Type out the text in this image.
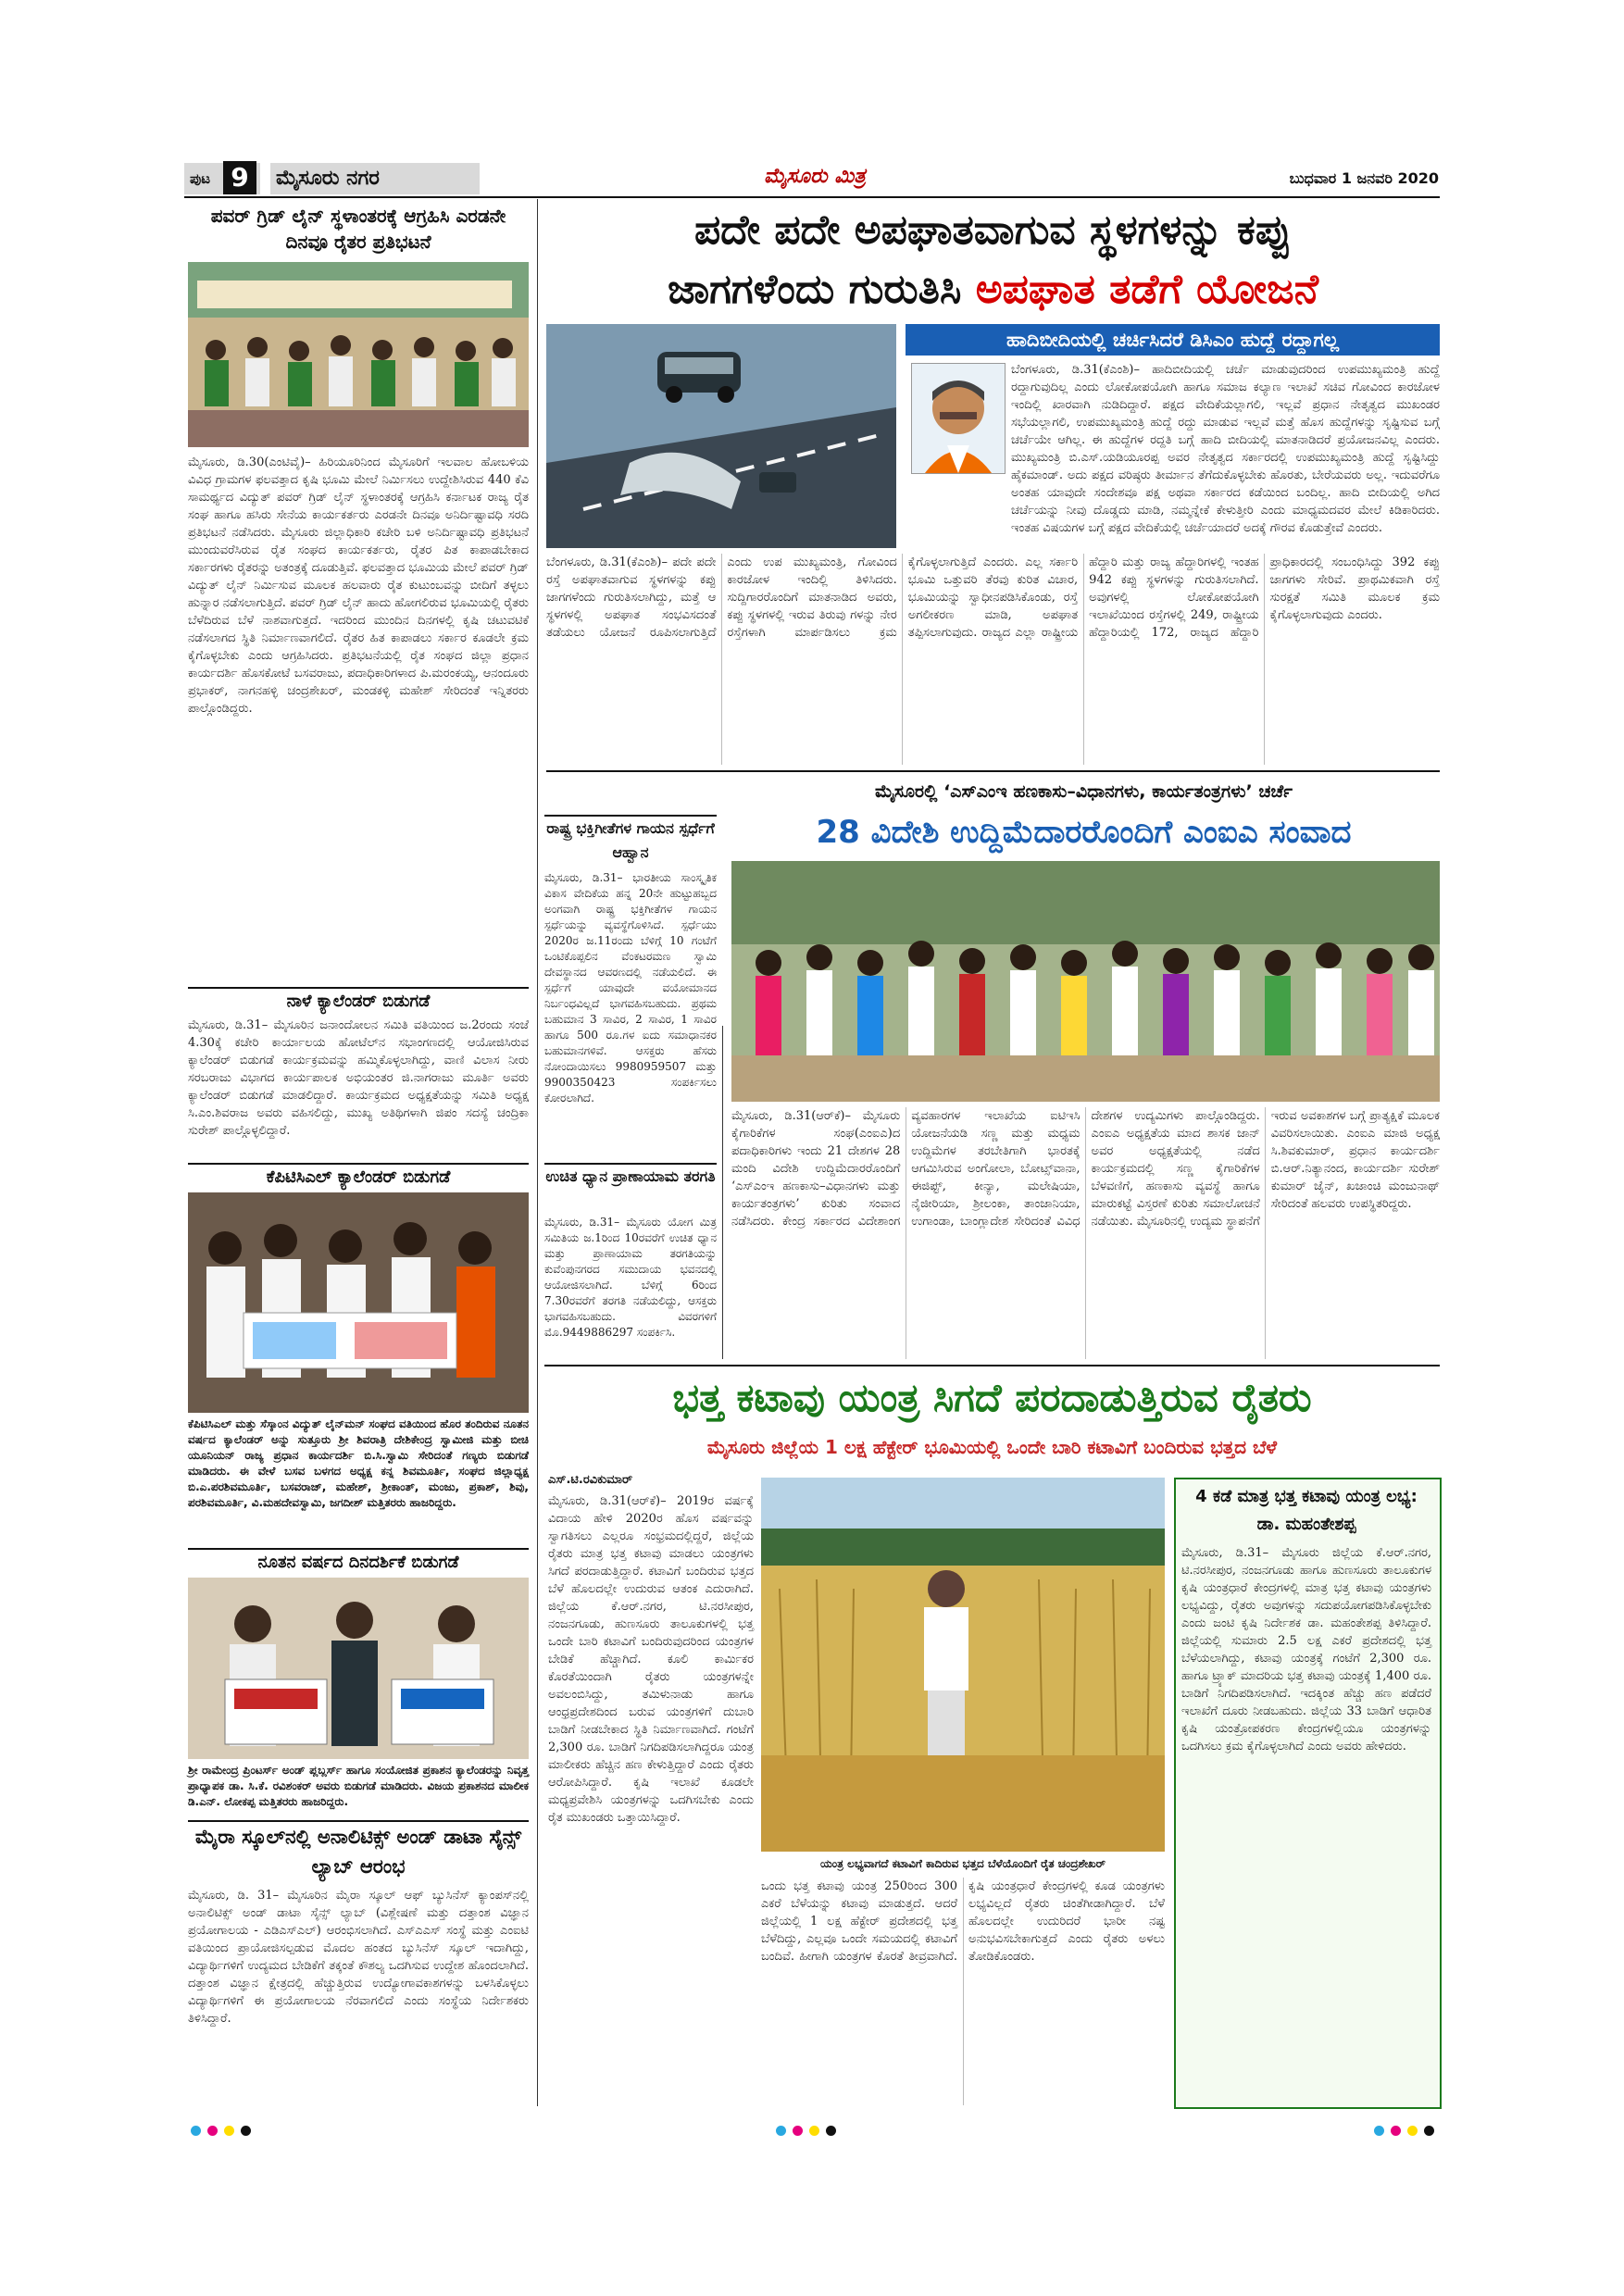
ಪುಟ 9	ಮೈಸೂರು ನಗರ	ಮೈಸೂರು ಮಿತ್ರ	ಬುಧವಾರ 1 ಜನವರಿ 2020
ಪವರ್ ಗ್ರಿಡ್ ಲೈನ್ ಸ್ಥಳಾಂತರಕ್ಕೆ ಆಗ್ರಹಿಸಿ ಎರಡನೇ ದಿನವೂ ರೈತರ ಪ್ರತಿಭಟನೆ
ಮೈಸೂರು, ಡಿ.30(ಎಂಟಿವೈ)– ಹಿರಿಯೂರಿನಿಂದ ಮೈಸೂರಿಗೆ ಇಲವಾಲ ಹೋಬಳಿಯ ವಿವಿಧ ಗ್ರಾಮಗಳ ಫಲವತ್ತಾದ ಕೃಷಿ ಭೂಮಿ ಮೇಲೆ ನಿರ್ಮಿಸಲು ಉದ್ದೇಶಿಸಿರುವ 440 ಕೆವಿ ಸಾಮರ್ಥ್ಯದ ವಿದ್ಯುತ್ ಪವರ್ ಗ್ರಿಡ್ ಲೈನ್ ಸ್ಥಳಾಂತರಕ್ಕೆ ಆಗ್ರಹಿಸಿ ಕರ್ನಾಟಕ ರಾಜ್ಯ ರೈತ ಸಂಘ ಹಾಗೂ ಹಸಿರು ಸೇನೆಯ ಕಾರ್ಯಕರ್ತರು ಎರಡನೇ ದಿನವೂ ಅನಿರ್ದಿಷ್ಟಾವಧಿ ಸರದಿ ಪ್ರತಿಭಟನೆ ನಡೆಸಿದರು. ಮೈಸೂರು ಜಿಲ್ಲಾಧಿಕಾರಿ ಕಚೇರಿ ಬಳಿ ಅನಿರ್ದಿಷ್ಟಾವಧಿ ಪ್ರತಿಭಟನೆ ಮುಂದುವರೆಸಿರುವ ರೈತ ಸಂಘದ ಕಾರ್ಯಕರ್ತರು, ರೈತರ ಪಿತ ಕಾಪಾಡಬೇಕಾದ ಸರ್ಕಾರಗಳು ರೈತರನ್ನು ಅತಂತ್ರಕ್ಕೆ ದೂಡುತ್ತಿವೆ. ಫಲವತ್ತಾದ ಭೂಮಿಯ ಮೇಲೆ ಪವರ್ ಗ್ರಿಡ್ ವಿದ್ಯುತ್ ಲೈನ್ ನಿರ್ಮಿಸುವ ಮೂಲಕ ಹಲವಾರು ರೈತ ಕುಟುಂಬವನ್ನು ಬೀದಿಗೆ ತಳ್ಳಲು ಹುನ್ನಾರ ನಡೆಸಲಾಗುತ್ತಿದೆ. ಪವರ್ ಗ್ರಿಡ್ ಲೈನ್ ಹಾದು ಹೋಗಲಿರುವ ಭೂಮಿಯಲ್ಲಿ ರೈತರು ಬೆಳೆದಿರುವ ಬೆಳೆ ನಾಶವಾಗುತ್ತದೆ. ಇದರಿಂದ ಮುಂದಿನ ದಿನಗಳಲ್ಲಿ ಕೃಷಿ ಚಟುವಟಿಕೆ ನಡೆಸಲಾಗದ ಸ್ಥಿತಿ ನಿರ್ಮಾಣವಾಗಲಿದೆ. ರೈತರ ಹಿತ ಕಾಪಾಡಲು ಸರ್ಕಾರ ಕೂಡಲೇ ಕ್ರಮ ಕೈಗೊಳ್ಳಬೇಕು ಎಂದು ಆಗ್ರಹಿಸಿದರು. ಪ್ರತಿಭಟನೆಯಲ್ಲಿ ರೈತ ಸಂಘದ ಜಿಲ್ಲಾ ಪ್ರಧಾನ ಕಾರ್ಯದರ್ಶಿ ಹೊಸಕೋಟೆ ಬಸವರಾಜು, ಪದಾಧಿಕಾರಿಗಳಾದ ಪಿ.ಮರಂಕಯ್ಯ, ಆನಂದೂರು ಪ್ರಭಾಕರ್, ನಾಗನಹಳ್ಳಿ ಚಂದ್ರಶೇಖರ್, ಮಂಡಕಳ್ಳಿ ಮಹೇಶ್ ಸೇರಿದಂತೆ ಇನ್ನಿತರರು ಪಾಲ್ಗೊಂಡಿದ್ದರು.
ನಾಳೆ ಕ್ಯಾಲೆಂಡರ್ ಬಿಡುಗಡೆ
ಮೈಸೂರು, ಡಿ.31– ಮೈಸೂರಿನ ಜನಾಂದೋಲನ ಸಮಿತಿ ವತಿಯಿಂದ ಜ.2ರಂದು ಸಂಜೆ 4.30ಕ್ಕೆ ಕಚೇರಿ ಕಾರ್ಯಾಲಯ ಹೋಟೆಲ್‌ನ ಸಭಾಂಗಣದಲ್ಲಿ ಆಯೋಜಿಸಿರುವ ಕ್ಯಾಲೆಂಡರ್ ಬಿಡುಗಡೆ ಕಾರ್ಯಕ್ರಮವನ್ನು ಹಮ್ಮಿಕೊಳ್ಳಲಾಗಿದ್ದು, ವಾಣಿ ವಿಲಾಸ ನೀರು ಸರಬರಾಜು ವಿಭಾಗದ ಕಾರ್ಯಪಾಲಕ ಅಭಿಯಂತರ ಜಿ.ನಾಗರಾಜು ಮೂರ್ತಿ ಅವರು ಕ್ಯಾಲೆಂಡರ್ ಬಿಡುಗಡೆ ಮಾಡಲಿದ್ದಾರೆ. ಕಾರ್ಯಕ್ರಮದ ಅಧ್ಯಕ್ಷತೆಯನ್ನು ಸಮಿತಿ ಅಧ್ಯಕ್ಷ ಸಿ.ಎಂ.ಶಿವರಾಜ ಅವರು ವಹಿಸಲಿದ್ದು, ಮುಖ್ಯ ಅತಿಥಿಗಳಾಗಿ ಜಿಪಂ ಸದಸ್ಯೆ ಚಂದ್ರಿಕಾ ಸುರೇಶ್ ಪಾಲ್ಗೊಳ್ಳಲಿದ್ದಾರೆ.
ಕೆಪಿಟಿಸಿಎಲ್ ಕ್ಯಾಲೆಂಡರ್ ಬಿಡುಗಡೆ
ಕೆಪಿಟಿಸಿಎಲ್ ಮತ್ತು ಸೆಸ್ಕಾಂನ ವಿದ್ಯುತ್ ಲೈನ್‌ಮನ್ ಸಂಘದ ವತಿಯಿಂದ ಹೊರ ತಂದಿರುವ ನೂತನ ವರ್ಷದ ಕ್ಯಾಲೆಂಡರ್ ಅನ್ನು ಸುತ್ತೂರು ಶ್ರೀ ಶಿವರಾತ್ರಿ ದೇಶಿಕೇಂದ್ರ ಸ್ವಾಮೀಜಿ ಮತ್ತು ಬೀಚಿ ಯೂನಿಯನ್ ರಾಜ್ಯ ಪ್ರಧಾನ ಕಾರ್ಯದರ್ಶಿ ಬಿ.ಸಿ.ಸ್ವಾಮಿ ಸೇರಿದಂತೆ ಗಣ್ಯರು ಬಿಡುಗಡೆ ಮಾಡಿದರು. ಈ ವೇಳೆ ಬಸವ ಬಳಗದ ಅಧ್ಯಕ್ಷ ಕನ್ನ ಶಿವಮೂರ್ತಿ, ಸಂಘದ ಜಿಲ್ಲಾಧ್ಯಕ್ಷ ಬಿ.ಎ.ಪರಶಿವಮೂರ್ತಿ, ಬಸವರಾಜ್, ಮಹೇಶ್, ಶ್ರೀಕಾಂತ್, ಮಂಜು, ಪ್ರಕಾಶ್, ಶಿವು, ಪರಶಿವಮೂರ್ತಿ, ವಿ.ಮಹದೇವಸ್ವಾಮಿ, ಜಗದೀಶ್ ಮತ್ತಿತರರು ಹಾಜರಿದ್ದರು.
ನೂತನ ವರ್ಷದ ದಿನದರ್ಶಿಕೆ ಬಿಡುಗಡೆ
ಶ್ರೀ ರಾಮೇಂದ್ರ ಪ್ರಿಂಟರ್ಸ್ ಅಂಡ್ ಪ್ಲಬ್ಲರ್ಸ್ ಹಾಗೂ ಸಂಯೋಜಿತ ಪ್ರಕಾಶನ ಕ್ಯಾಲೆಂಡರನ್ನು ನಿವೃತ್ತ ಪ್ರಾಧ್ಯಾಪಕ ಡಾ. ಸಿ.ಕೆ. ರವಿಶಂಕರ್ ಅವರು ಬಿಡುಗಡೆ ಮಾಡಿದರು. ವಿಜಯ ಪ್ರಕಾಶನದ ಮಾಲೀಕ ಡಿ.ಎನ್. ಲೋಕಪ್ಪ ಮತ್ತಿತರರು ಹಾಜರಿದ್ದರು.
ಮೈರಾ ಸ್ಕೂಲ್‌ನಲ್ಲಿ ಅನಾಲಿಟಿಕ್ಸ್ ಅಂಡ್ ಡಾಟಾ ಸೈನ್ಸ್ ಲ್ಯಾಬ್ ಆರಂಭ
ಮೈಸೂರು, ಡಿ. 31– ಮೈಸೂರಿನ ಮೈರಾ ಸ್ಕೂಲ್ ಆಫ್ ಬ್ಯುಸಿನೆಸ್ ಕ್ಯಾಂಪಸ್‌ನಲ್ಲಿ ಅನಾಲಿಟಿಕ್ಸ್ ಅಂಡ್ ಡಾಟಾ ಸೈನ್ಸ್ ಲ್ಯಾಬ್ (ವಿಶ್ಲೇಷಣೆ ಮತ್ತು ದತ್ತಾಂಶ ವಿಜ್ಞಾನ ಪ್ರಯೋಗಾಲಯ - ಎಡಿಎಸ್‌ಎಲ್) ಆರಂಭಿಸಲಾಗಿದೆ. ಎಸ್‌ಎಎಸ್ ಸಂಸ್ಥೆ ಮತ್ತು ಎಂಐಟಿ ವತಿಯಿಂದ ಪ್ರಾಯೋಜಿಸಲ್ಪಡುವ ಮೊದಲ ಹಂತದ ಬ್ಯುಸಿನೆಸ್ ಸ್ಕೂಲ್ ಇದಾಗಿದ್ದು, ವಿದ್ಯಾರ್ಥಿಗಳಿಗೆ ಉದ್ಯಮದ ಬೇಡಿಕೆಗೆ ತಕ್ಕಂತೆ ಕೌಶಲ್ಯ ಒದಗಿಸುವ ಉದ್ದೇಶ ಹೊಂದಲಾಗಿದೆ. ದತ್ತಾಂಶ ವಿಜ್ಞಾನ ಕ್ಷೇತ್ರದಲ್ಲಿ ಹೆಚ್ಚುತ್ತಿರುವ ಉದ್ಯೋಗಾವಕಾಶಗಳನ್ನು ಬಳಸಿಕೊಳ್ಳಲು ವಿದ್ಯಾರ್ಥಿಗಳಿಗೆ ಈ ಪ್ರಯೋಗಾಲಯ ನೆರವಾಗಲಿದೆ ಎಂದು ಸಂಸ್ಥೆಯ ನಿರ್ದೇಶಕರು ತಿಳಿಸಿದ್ದಾರೆ.
ಪದೇ ಪದೇ ಅಪಘಾತವಾಗುವ ಸ್ಥಳಗಳನ್ನು ಕಪ್ಪು
ಜಾಗಗಳೆಂದು ಗುರುತಿಸಿ ಅಪಘಾತ ತಡೆಗೆ ಯೋಜನೆ
ಹಾದಿಬೀದಿಯಲ್ಲಿ ಚರ್ಚಿಸಿದರೆ ಡಿಸಿಎಂ ಹುದ್ದೆ ರದ್ದಾಗಲ್ಲ
ಬೆಂಗಳೂರು, ಡಿ.31(ಕೆಎಂಶಿ)– ಹಾದಿಬೀದಿಯಲ್ಲಿ ಚರ್ಚೆ ಮಾಡುವುದರಿಂದ ಉಪಮುಖ್ಯಮಂತ್ರಿ ಹುದ್ದೆ ರದ್ದಾಗುವುದಿಲ್ಲ ಎಂದು ಲೋಕೋಪಯೋಗಿ ಹಾಗೂ ಸಮಾಜ ಕಲ್ಯಾಣ ಇಲಾಖೆ ಸಚಿವ ಗೋವಿಂದ ಕಾರಜೋಳ ಇಂದಿಲ್ಲಿ ಖಾರವಾಗಿ ನುಡಿದಿದ್ದಾರೆ. ಪಕ್ಷದ ವೇದಿಕೆಯಲ್ಲಾಗಲಿ, ಇಲ್ಲವೆ ಪ್ರಧಾನ ನೇತೃತ್ವದ ಮುಖಂಡರ ಸಭೆಯಲ್ಲಾಗಲಿ, ಉಪಮುಖ್ಯಮಂತ್ರಿ ಹುದ್ದೆ ರದ್ದು ಮಾಡುವ ಇಲ್ಲವೆ ಮತ್ತೆ ಹೊಸ ಹುದ್ದೆಗಳನ್ನು ಸೃಷ್ಟಿಸುವ ಬಗ್ಗೆ ಚರ್ಚೆಯೇ ಆಗಿಲ್ಲ. ಈ ಹುದ್ದೆಗಳ ರದ್ದತಿ ಬಗ್ಗೆ ಹಾದಿ ಬೀದಿಯಲ್ಲಿ ಮಾತನಾಡಿದರೆ ಪ್ರಯೋಜನವಿಲ್ಲ ಎಂದರು. ಮುಖ್ಯಮಂತ್ರಿ ಬಿ.ಎಸ್.ಯಡಿಯೂರಪ್ಪ ಅವರ ನೇತೃತ್ವದ ಸರ್ಕಾರದಲ್ಲಿ ಉಪಮುಖ್ಯಮಂತ್ರಿ ಹುದ್ದೆ ಸೃಷ್ಟಿಸಿದ್ದು ಹೈಕಮಾಂಡ್. ಅದು ಪಕ್ಷದ ವರಿಷ್ಠರು ತೀರ್ಮಾನ ತೆಗೆದುಕೊಳ್ಳಬೇಕು ಹೊರತು, ಬೇರೆಯವರು ಅಲ್ಲ. ಇದುವರೆಗೂ ಅಂತಹ ಯಾವುದೇ ಸಂದೇಶವೂ ಪಕ್ಷ ಅಥವಾ ಸರ್ಕಾರದ ಕಡೆಯಿಂದ ಬಂದಿಲ್ಲ. ಹಾದಿ ಬೀದಿಯಲ್ಲಿ ಅಗಿದ ಚರ್ಚೆಯನ್ನು ನೀವು ದೊಡ್ಡದು ಮಾಡಿ, ನಮ್ಮನ್ನೇಕೆ ಕೇಳುತ್ತೀರಿ ಎಂದು ಮಾಧ್ಯಮದವರ ಮೇಲೆ ಕಿಡಿಕಾರಿದರು. ಇಂತಹ ವಿಷಯಗಳ ಬಗ್ಗೆ ಪಕ್ಷದ ವೇದಿಕೆಯಲ್ಲಿ ಚರ್ಚೆಯಾದರೆ ಅದಕ್ಕೆ ಗೌರವ ಕೊಡುತ್ತೇವೆ ಎಂದರು.
ಬೆಂಗಳೂರು, ಡಿ.31(ಕೆಎಂಶಿ)– ಪದೇ ಪದೇ ರಸ್ತೆ ಅಪಘಾತವಾಗುವ ಸ್ಥಳಗಳನ್ನು ಕಪ್ಪು ಜಾಗಗಳೆಂದು ಗುರುತಿಸಲಾಗಿದ್ದು, ಮತ್ತೆ ಆ ಸ್ಥಳಗಳಲ್ಲಿ ಅಪಘಾತ ಸಂಭವಿಸದಂತೆ ತಡೆಯಲು ಯೋಜನೆ ರೂಪಿಸಲಾಗುತ್ತಿದೆ ಎಂದು ಉಪ ಮುಖ್ಯಮಂತ್ರಿ, ಗೋವಿಂದ ಕಾರಜೋಳ ಇಂದಿಲ್ಲಿ ತಿಳಿಸಿದರು. ಸುದ್ದಿಗಾರರೊಂದಿಗೆ ಮಾತನಾಡಿದ ಅವರು, ಕಪ್ಪು ಸ್ಥಳಗಳಲ್ಲಿ ಇರುವ ತಿರುವು ಗಳನ್ನು ನೇರ ರಸ್ತೆಗಳಾಗಿ ಮಾರ್ಪಡಿಸಲು ಕ್ರಮ ಕೈಗೊಳ್ಳಲಾಗುತ್ತಿದೆ ಎಂದರು. ಎಲ್ಲ ಸರ್ಕಾರಿ ಭೂಮಿ ಒತ್ತುವರಿ ತೆರವು ಕುರಿತ ವಿಚಾರ, ಭೂಮಿಯನ್ನು ಸ್ವಾಧೀನಪಡಿಸಿಕೊಂಡು, ರಸ್ತೆ ಅಗಲೀಕರಣ ಮಾಡಿ, ಅಪಘಾತ ತಪ್ಪಿಸಲಾಗುವುದು. ರಾಜ್ಯದ ಎಲ್ಲಾ ರಾಷ್ಟ್ರೀಯ ಹೆದ್ದಾರಿ ಮತ್ತು ರಾಜ್ಯ ಹೆದ್ದಾರಿಗಳಲ್ಲಿ ಇಂತಹ 942 ಕಪ್ಪು ಸ್ಥಳಗಳನ್ನು ಗುರುತಿಸಲಾಗಿದೆ. ಅವುಗಳಲ್ಲಿ ಲೋಕೋಪಯೋಗಿ ಇಲಾಖೆಯಿಂದ ರಸ್ತೆಗಳಲ್ಲಿ 249, ರಾಷ್ಟ್ರೀಯ ಹೆದ್ದಾರಿಯಲ್ಲಿ 172, ರಾಜ್ಯದ ಹೆದ್ದಾರಿ ಪ್ರಾಧಿಕಾರದಲ್ಲಿ ಸಂಬಂಧಿಸಿದ್ದು 392 ಕಪ್ಪು ಜಾಗಗಳು ಸೇರಿವೆ. ಪ್ರಾಥಮಿಕವಾಗಿ ರಸ್ತೆ ಸುರಕ್ಷತೆ ಸಮಿತಿ ಮೂಲಕ ಕ್ರಮ ಕೈಗೊಳ್ಳಲಾಗುವುದು ಎಂದರು.
ರಾಷ್ಟ್ರ ಭಕ್ತಿಗೀತೆಗಳ ಗಾಯನ ಸ್ಪರ್ಧೆಗೆ ಆಹ್ವಾನ
ಮೈಸೂರು, ಡಿ.31– ಭಾರತೀಯ ಸಾಂಸ್ಕೃತಿಕ ವಿಕಾಸ ವೇದಿಕೆಯ ಹನ್ನ 20ನೇ ಹುಟ್ಟುಹಬ್ಬದ ಅಂಗವಾಗಿ ರಾಷ್ಟ್ರ ಭಕ್ತಿಗೀತೆಗಳ ಗಾಯನ ಸ್ಪರ್ಧೆಯನ್ನು ವ್ಯವಸ್ಥೆಗೊಳಿಸಿದೆ. ಸ್ಪರ್ಧೆಯು 2020ರ ಜ.11ರಂದು ಬೆಳಿಗ್ಗೆ 10 ಗಂಟೆಗೆ ಒಂಟಿಕೊಪ್ಪಲಿನ ವೆಂಕಟರಮಣ ಸ್ವಾಮಿ ದೇವಸ್ಥಾನದ ಆವರಣದಲ್ಲಿ ನಡೆಯಲಿದೆ. ಈ ಸ್ಪರ್ಧೆಗೆ ಯಾವುದೇ ವಯೋಮಾನದ ನಿರ್ಬಂಧವಿಲ್ಲದೆ ಭಾಗವಹಿಸಬಹುದು. ಪ್ರಥಮ ಬಹುಮಾನ 3 ಸಾವಿರ, 2 ಸಾವಿರ, 1 ಸಾವಿರ ಹಾಗೂ 500 ರೂ.ಗಳ ಐದು ಸಮಾಧಾನಕರ ಬಹುಮಾನಗಳಿವೆ. ಆಸಕ್ತರು ಹೆಸರು ನೋಂದಾಯಿಸಲು 9980959507 ಮತ್ತು 9900350423 ಸಂಪರ್ಕಿಸಲು ಕೋರಲಾಗಿದೆ.
ಉಚಿತ ಧ್ಯಾನ ಪ್ರಾಣಾಯಾಮ ತರಗತಿ
ಮೈಸೂರು, ಡಿ.31– ಮೈಸೂರು ಯೋಗ ಮಿತ್ರ ಸಮಿತಿಯ ಜ.1ರಿಂದ 10ರವರೆಗೆ ಉಚಿತ ಧ್ಯಾನ ಮತ್ತು ಪ್ರಾಣಾಯಾಮ ತರಗತಿಯನ್ನು ಕುವೆಂಪುನಗರದ ಸಮುದಾಯ ಭವನದಲ್ಲಿ ಆಯೋಜಿಸಲಾಗಿದೆ. ಬೆಳಿಗ್ಗೆ 6ರಿಂದ 7.30ರವರೆಗೆ ತರಗತಿ ನಡೆಯಲಿದ್ದು, ಆಸಕ್ತರು ಭಾಗವಹಿಸಬಹುದು. ವಿವರಗಳಿಗೆ ಮೊ.9449886297 ಸಂಪರ್ಕಿಸಿ.
ಮೈಸೂರಲ್ಲಿ ‘ಎಸ್‌ಎಂಇ ಹಣಕಾಸು–ವಿಧಾನಗಳು, ಕಾರ್ಯತಂತ್ರಗಳು’ ಚರ್ಚೆ
28 ವಿದೇಶಿ ಉದ್ದಿಮೆದಾರರೊಂದಿಗೆ ಎಂಐಎ ಸಂವಾದ
ಮೈಸೂರು, ಡಿ.31(ಆರ್‌ಕೆ)– ಮೈಸೂರು ಕೈಗಾರಿಕೆಗಳ ಸಂಘ(ಎಂಐಎ)ದ ಪದಾಧಿಕಾರಿಗಳು ಇಂದು 21 ದೇಶಗಳ 28 ಮಂದಿ ವಿದೇಶಿ ಉದ್ದಿಮೆದಾರರೊಂದಿಗೆ ‘ಎಸ್‌ಎಂಇ ಹಣಕಾಸು–ವಿಧಾನಗಳು ಮತ್ತು ಕಾರ್ಯತಂತ್ರಗಳು’ ಕುರಿತು ಸಂವಾದ ನಡೆಸಿದರು. ಕೇಂದ್ರ ಸರ್ಕಾರದ ವಿದೇಶಾಂಗ ವ್ಯವಹಾರಗಳ ಇಲಾಖೆಯ ಐಟಿಇಸಿ ಯೋಜನೆಯಡಿ ಸಣ್ಣ ಮತ್ತು ಮಧ್ಯಮ ಉದ್ದಿಮೆಗಳ ತರಬೇತಿಗಾಗಿ ಭಾರತಕ್ಕೆ ಆಗಮಿಸಿರುವ ಅಂಗೋಲಾ, ಬೋಟ್ಸ್‌ವಾನಾ, ಈಜಿಪ್ಟ್, ಕೀನ್ಯಾ, ಮಲೇಷಿಯಾ, ನೈಜೀರಿಯಾ, ಶ್ರೀಲಂಕಾ, ತಾಂಜಾನಿಯಾ, ಉಗಾಂಡಾ, ಬಾಂಗ್ಲಾದೇಶ ಸೇರಿದಂತೆ ವಿವಿಧ ದೇಶಗಳ ಉದ್ಯಮಿಗಳು ಪಾಲ್ಗೊಂಡಿದ್ದರು. ಎಂಐಎ ಅಧ್ಯಕ್ಷತೆಯ ಮಾದ ಶಾಸಕ ಜಾನ್ ಅವರ ಅಧ್ಯಕ್ಷತೆಯಲ್ಲಿ ನಡೆದ ಕಾರ್ಯಕ್ರಮದಲ್ಲಿ ಸಣ್ಣ ಕೈಗಾರಿಕೆಗಳ ಬೆಳವಣಿಗೆ, ಹಣಕಾಸು ವ್ಯವಸ್ಥೆ ಹಾಗೂ ಮಾರುಕಟ್ಟೆ ವಿಸ್ತರಣೆ ಕುರಿತು ಸಮಾಲೋಚನೆ ನಡೆಯಿತು. ಮೈಸೂರಿನಲ್ಲಿ ಉದ್ಯಮ ಸ್ಥಾಪನೆಗೆ ಇರುವ ಅವಕಾಶಗಳ ಬಗ್ಗೆ ಪ್ರಾತ್ಯಕ್ಷಿಕೆ ಮೂಲಕ ವಿವರಿಸಲಾಯಿತು. ಎಂಐಎ ಮಾಜಿ ಅಧ್ಯಕ್ಷ ಸಿ.ಶಿವಕುಮಾರ್, ಪ್ರಧಾನ ಕಾರ್ಯದರ್ಶಿ ಬಿ.ಆರ್.ನಿತ್ಯಾನಂದ, ಕಾರ್ಯದರ್ಶಿ ಸುರೇಶ್ ಕುಮಾರ್ ಜೈನ್, ಖಜಾಂಚಿ ಮಂಜುನಾಥ್ ಸೇರಿದಂತೆ ಹಲವರು ಉಪಸ್ಥಿತರಿದ್ದರು.
ಭತ್ತ ಕಟಾವು ಯಂತ್ರ ಸಿಗದೆ ಪರದಾಡುತ್ತಿರುವ ರೈತರು
ಮೈಸೂರು ಜಿಲ್ಲೆಯ 1 ಲಕ್ಷ ಹೆಕ್ಟೇರ್ ಭೂಮಿಯಲ್ಲಿ ಒಂದೇ ಬಾರಿ ಕಟಾವಿಗೆ ಬಂದಿರುವ ಭತ್ತದ ಬೆಳೆ
ಎಸ್.ಟಿ.ರವಿಕುಮಾರ್
ಮೈಸೂರು, ಡಿ.31(ಆರ್‌ಕೆ)– 2019ರ ವರ್ಷಕ್ಕೆ ವಿದಾಯ ಹೇಳಿ 2020ರ ಹೊಸ ವರ್ಷವನ್ನು ಸ್ವಾಗತಿಸಲು ಎಲ್ಲರೂ ಸಂಭ್ರಮದಲ್ಲಿದ್ದರೆ, ಜಿಲ್ಲೆಯ ರೈತರು ಮಾತ್ರ ಭತ್ತ ಕಟಾವು ಮಾಡಲು ಯಂತ್ರಗಳು ಸಿಗದೆ ಪರದಾಡುತ್ತಿದ್ದಾರೆ. ಕಟಾವಿಗೆ ಬಂದಿರುವ ಭತ್ತದ ಬೆಳೆ ಹೊಲದಲ್ಲೇ ಉದುರುವ ಆತಂಕ ಎದುರಾಗಿದೆ. ಜಿಲ್ಲೆಯ ಕೆ.ಆರ್.ನಗರ, ಟಿ.ನರಸೀಪುರ, ನಂಜನಗೂಡು, ಹುಣಸೂರು ತಾಲೂಕುಗಳಲ್ಲಿ ಭತ್ತ ಒಂದೇ ಬಾರಿ ಕಟಾವಿಗೆ ಬಂದಿರುವುದರಿಂದ ಯಂತ್ರಗಳ ಬೇಡಿಕೆ ಹೆಚ್ಚಾಗಿದೆ. ಕೂಲಿ ಕಾರ್ಮಿಕರ ಕೊರತೆಯಿಂದಾಗಿ ರೈತರು ಯಂತ್ರಗಳನ್ನೇ ಅವಲಂಬಿಸಿದ್ದು, ತಮಿಳುನಾಡು ಹಾಗೂ ಆಂಧ್ರಪ್ರದೇಶದಿಂದ ಬರುವ ಯಂತ್ರಗಳಿಗೆ ದುಬಾರಿ ಬಾಡಿಗೆ ನೀಡಬೇಕಾದ ಸ್ಥಿತಿ ನಿರ್ಮಾಣವಾಗಿದೆ. ಗಂಟೆಗೆ 2,300 ರೂ. ಬಾಡಿಗೆ ನಿಗದಿಪಡಿಸಲಾಗಿದ್ದರೂ ಯಂತ್ರ ಮಾಲೀಕರು ಹೆಚ್ಚಿನ ಹಣ ಕೇಳುತ್ತಿದ್ದಾರೆ ಎಂದು ರೈತರು ಆರೋಪಿಸಿದ್ದಾರೆ. ಕೃಷಿ ಇಲಾಖೆ ಕೂಡಲೇ ಮಧ್ಯಪ್ರವೇಶಿಸಿ ಯಂತ್ರಗಳನ್ನು ಒದಗಿಸಬೇಕು ಎಂದು ರೈತ ಮುಖಂಡರು ಒತ್ತಾಯಿಸಿದ್ದಾರೆ.
ಯಂತ್ರ ಲಭ್ಯವಾಗದೆ ಕಟಾವಿಗೆ ಕಾದಿರುವ ಭತ್ತದ ಬೆಳೆಯೊಂದಿಗೆ ರೈತ ಚಂದ್ರಶೇಖರ್
ಒಂದು ಭತ್ತ ಕಟಾವು ಯಂತ್ರ 250ರಿಂದ 300 ಎಕರೆ ಬೆಳೆಯನ್ನು ಕಟಾವು ಮಾಡುತ್ತದೆ. ಆದರೆ ಜಿಲ್ಲೆಯಲ್ಲಿ 1 ಲಕ್ಷ ಹೆಕ್ಟೇರ್ ಪ್ರದೇಶದಲ್ಲಿ ಭತ್ತ ಬೆಳೆದಿದ್ದು, ಎಲ್ಲವೂ ಒಂದೇ ಸಮಯದಲ್ಲಿ ಕಟಾವಿಗೆ ಬಂದಿವೆ. ಹೀಗಾಗಿ ಯಂತ್ರಗಳ ಕೊರತೆ ತೀವ್ರವಾಗಿದೆ. ಕೃಷಿ ಯಂತ್ರಧಾರೆ ಕೇಂದ್ರಗಳಲ್ಲಿ ಕೂಡ ಯಂತ್ರಗಳು ಲಭ್ಯವಿಲ್ಲದೆ ರೈತರು ಚಿಂತೆಗೀಡಾಗಿದ್ದಾರೆ. ಬೆಳೆ ಹೊಲದಲ್ಲೇ ಉದುರಿದರೆ ಭಾರೀ ನಷ್ಟ ಅನುಭವಿಸಬೇಕಾಗುತ್ತದೆ ಎಂದು ರೈತರು ಅಳಲು ತೋಡಿಕೊಂಡರು.
4 ಕಡೆ ಮಾತ್ರ ಭತ್ತ ಕಟಾವು ಯಂತ್ರ ಲಭ್ಯ: ಡಾ. ಮಹಂತೇಶಪ್ಪ
ಮೈಸೂರು, ಡಿ.31– ಮೈಸೂರು ಜಿಲ್ಲೆಯ ಕೆ.ಆರ್.ನಗರ, ಟಿ.ನರಸೀಪುರ, ನಂಜನಗೂಡು ಹಾಗೂ ಹುಣಸೂರು ತಾಲೂಕುಗಳ ಕೃಷಿ ಯಂತ್ರಧಾರೆ ಕೇಂದ್ರಗಳಲ್ಲಿ ಮಾತ್ರ ಭತ್ತ ಕಟಾವು ಯಂತ್ರಗಳು ಲಭ್ಯವಿದ್ದು, ರೈತರು ಅವುಗಳನ್ನು ಸದುಪಯೋಗಪಡಿಸಿಕೊಳ್ಳಬೇಕು ಎಂದು ಜಂಟಿ ಕೃಷಿ ನಿರ್ದೇಶಕ ಡಾ. ಮಹಂತೇಶಪ್ಪ ತಿಳಿಸಿದ್ದಾರೆ. ಜಿಲ್ಲೆಯಲ್ಲಿ ಸುಮಾರು 2.5 ಲಕ್ಷ ಎಕರೆ ಪ್ರದೇಶದಲ್ಲಿ ಭತ್ತ ಬೆಳೆಯಲಾಗಿದ್ದು, ಕಟಾವು ಯಂತ್ರಕ್ಕೆ ಗಂಟೆಗೆ 2,300 ರೂ. ಹಾಗೂ ಟ್ರ್ಯಾಕ್ ಮಾದರಿಯ ಭತ್ತ ಕಟಾವು ಯಂತ್ರಕ್ಕೆ 1,400 ರೂ. ಬಾಡಿಗೆ ನಿಗದಿಪಡಿಸಲಾಗಿದೆ. ಇದಕ್ಕಿಂತ ಹೆಚ್ಚು ಹಣ ಪಡೆದರೆ ಇಲಾಖೆಗೆ ದೂರು ನೀಡಬಹುದು. ಜಿಲ್ಲೆಯ 33 ಬಾಡಿಗೆ ಆಧಾರಿತ ಕೃಷಿ ಯಂತ್ರೋಪಕರಣ ಕೇಂದ್ರಗಳಲ್ಲಿಯೂ ಯಂತ್ರಗಳನ್ನು ಒದಗಿಸಲು ಕ್ರಮ ಕೈಗೊಳ್ಳಲಾಗಿದೆ ಎಂದು ಅವರು ಹೇಳಿದರು.
